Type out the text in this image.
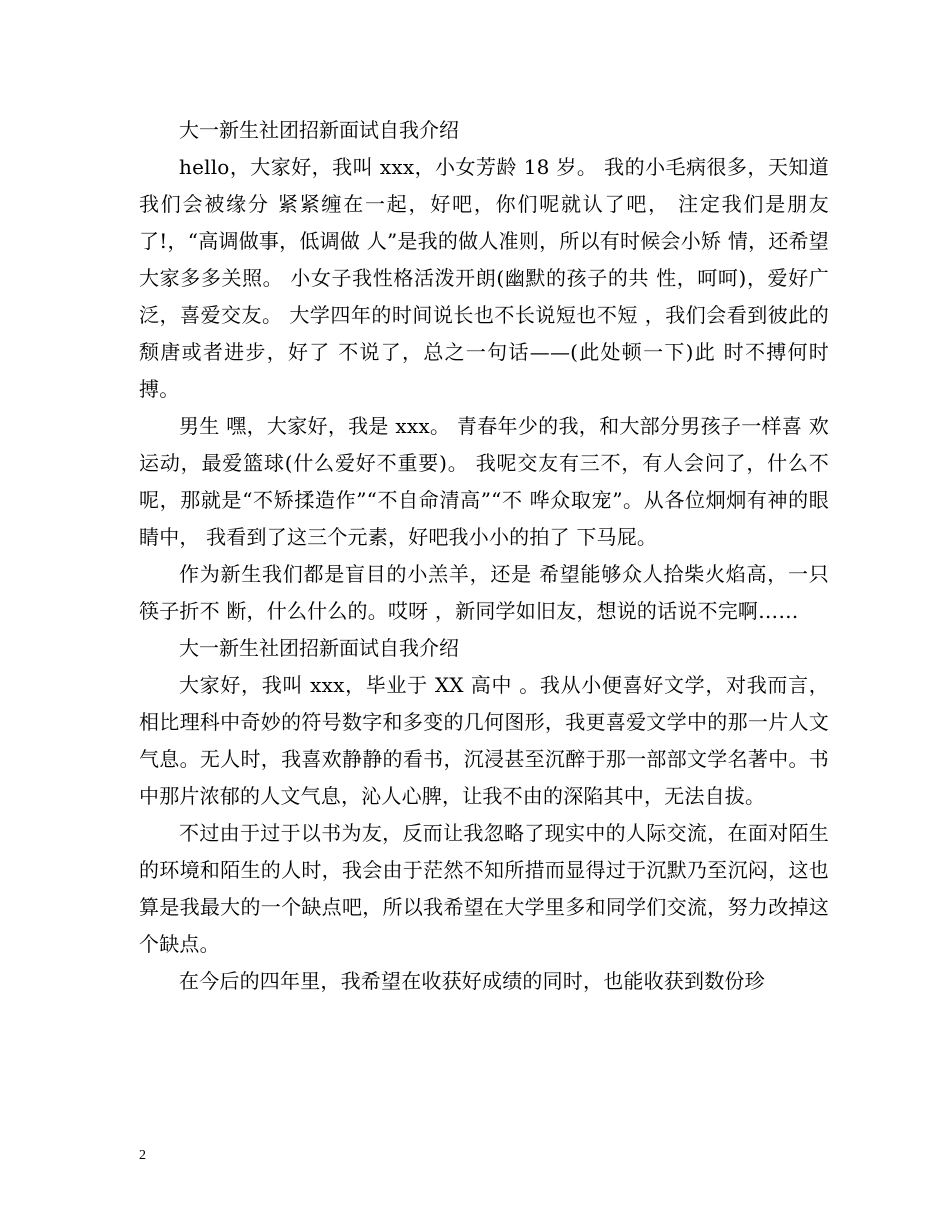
大一新生社团招新面试自我介绍

hello，大家好，我叫 xxx，小女芳龄 18 岁。 我的小毛病很多，天知道我们会被缘分 紧紧缠在一起，好吧，你们呢就认了吧， 注定我们是朋友了!，“高调做事，低调做 人”是我的做人准则，所以有时候会小矫 情，还希望大家多多关照。 小女子我性格活泼开朗(幽默的孩子的共 性，呵呵)，爱好广泛，喜爱交友。 大学四年的时间说长也不长说短也不短 ，我们会看到彼此的颓唐或者进步，好了 不说了，总之一句话——(此处顿一下)此 时不搏何时搏。

男生 嘿，大家好，我是 xxx。 青春年少的我，和大部分男孩子一样喜 欢运动，最爱篮球(什么爱好不重要)。 我呢交友有三不，有人会问了，什么不 呢，那就是“不矫揉造作”“不自命清高”“不 哗众取宠”。从各位炯炯有神的眼睛中， 我看到了这三个元素，好吧我小小的拍了 下马屁。

作为新生我们都是盲目的小羔羊，还是 希望能够众人拾柴火焰高，一只筷子折不 断，什么什么的。哎呀 ，新同学如旧友，想说的话说不完啊……

大一新生社团招新面试自我介绍

大家好，我叫 xxx，毕业于 XX 高中 。我从小便喜好文学，对我而言，相比理科中奇妙的符号数字和多变的几何图形，我更喜爱文学中的那一片人文气息。无人时，我喜欢静静的看书，沉浸甚至沉醉于那一部部文学名著中。书中那片浓郁的人文气息，沁人心脾，让我不由的深陷其中，无法自拔。

不过由于过于以书为友，反而让我忽略了现实中的人际交流，在面对陌生的环境和陌生的人时，我会由于茫然不知所措而显得过于沉默乃至沉闷，这也算是我最大的一个缺点吧，所以我希望在大学里多和同学们交流，努力改掉这个缺点。

在今后的四年里，我希望在收获好成绩的同时，也能收获到数份珍

2
